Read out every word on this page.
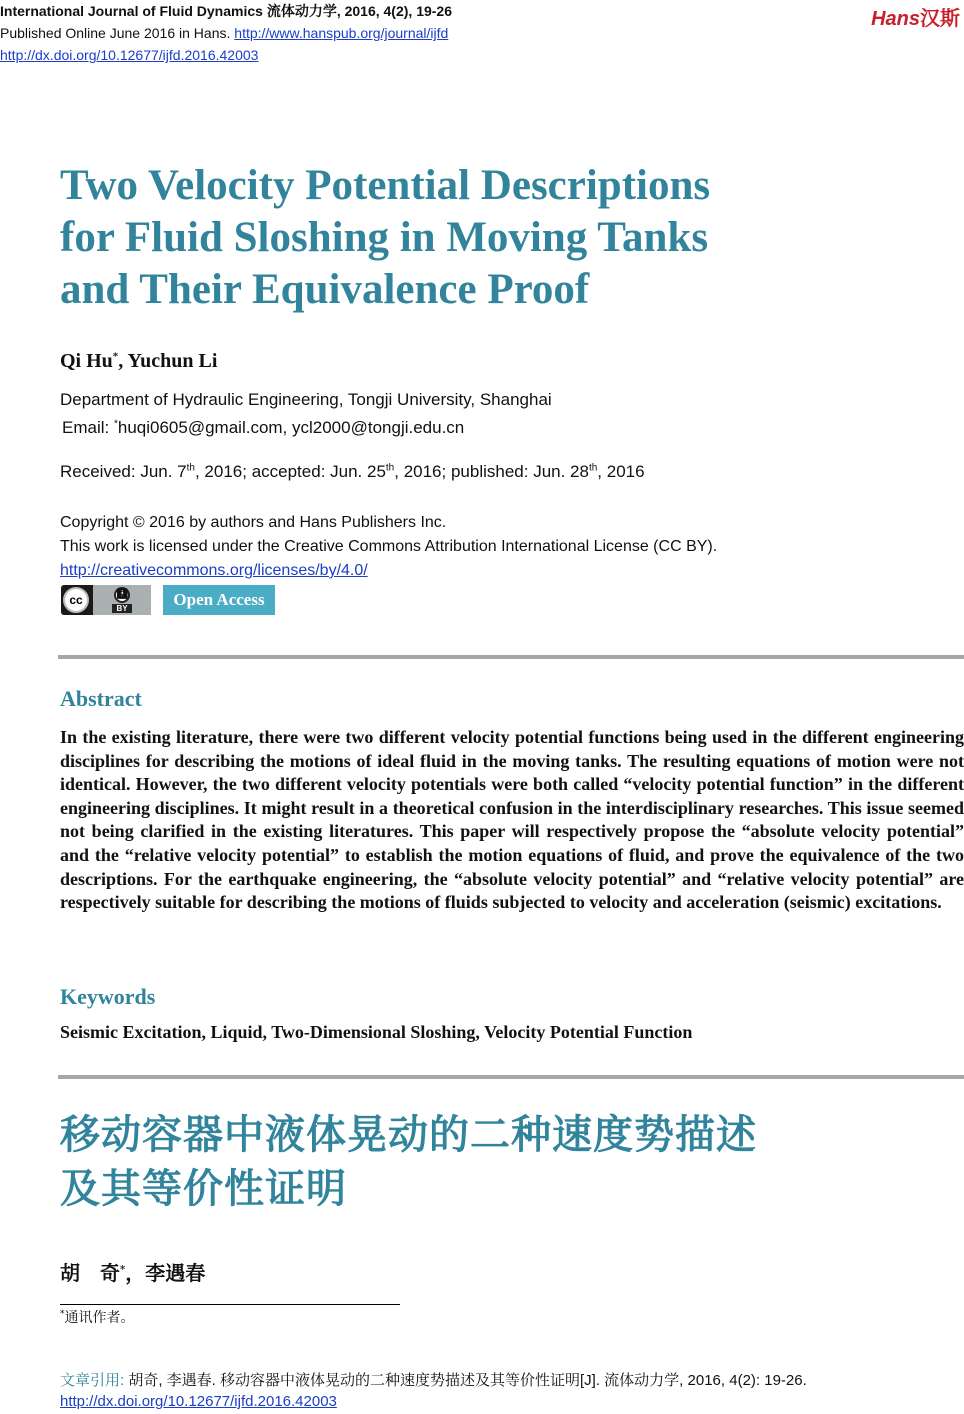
International Journal of Fluid Dynamics 流体动力学, 2016, 4(2), 19-26
Published Online June 2016 in Hans. http://www.hanspub.org/journal/ijfd
http://dx.doi.org/10.12677/ijfd.2016.42003
Hans汉斯
Two Velocity Potential Descriptions
for Fluid Sloshing in Moving Tanks
and Their Equivalence Proof
Qi Hu*, Yuchun Li
Department of Hydraulic Engineering, Tongji University, Shanghai
Email: *huqi0605@gmail.com, ycl2000@tongji.edu.cn
Received: Jun. 7th, 2016; accepted: Jun. 25th, 2016; published: Jun. 28th, 2016
Copyright © 2016 by authors and Hans Publishers Inc.
This work is licensed under the Creative Commons Attribution International License (CC BY).
http://creativecommons.org/licenses/by/4.0/
cc	🚹︎
BY	Open Access
Abstract
In the existing literature, there were two different velocity potential functions being used in the different engineering disciplines for describing the motions of ideal fluid in the moving tanks. The resulting equations of motion were not identical. However, the two different velocity potentials were both called “velocity potential function” in the different engineering disciplines. It might result in a theoretical confusion in the interdisciplinary researches. This issue seemed not being clarified in the existing literatures. This paper will respectively propose the “absolute velocity potential” and the “relative velocity potential” to establish the motion equations of fluid, and prove the equivalence of the two descriptions. For the earthquake engineering, the “absolute velocity potential” and “relative velocity potential” are respectively suitable for describing the motions of fluids subjected to velocity and acceleration (seismic) excitations.
Keywords
Seismic Excitation, Liquid, Two-Dimensional Sloshing, Velocity Potential Function
移动容器中液体晃动的二种速度势描述
及其等价性证明
胡　奇*，李遇春
*通讯作者。
文章引用: 胡奇, 李遇春. 移动容器中液体晃动的二种速度势描述及其等价性证明[J]. 流体动力学, 2016, 4(2): 19-26.
http://dx.doi.org/10.12677/ijfd.2016.42003
